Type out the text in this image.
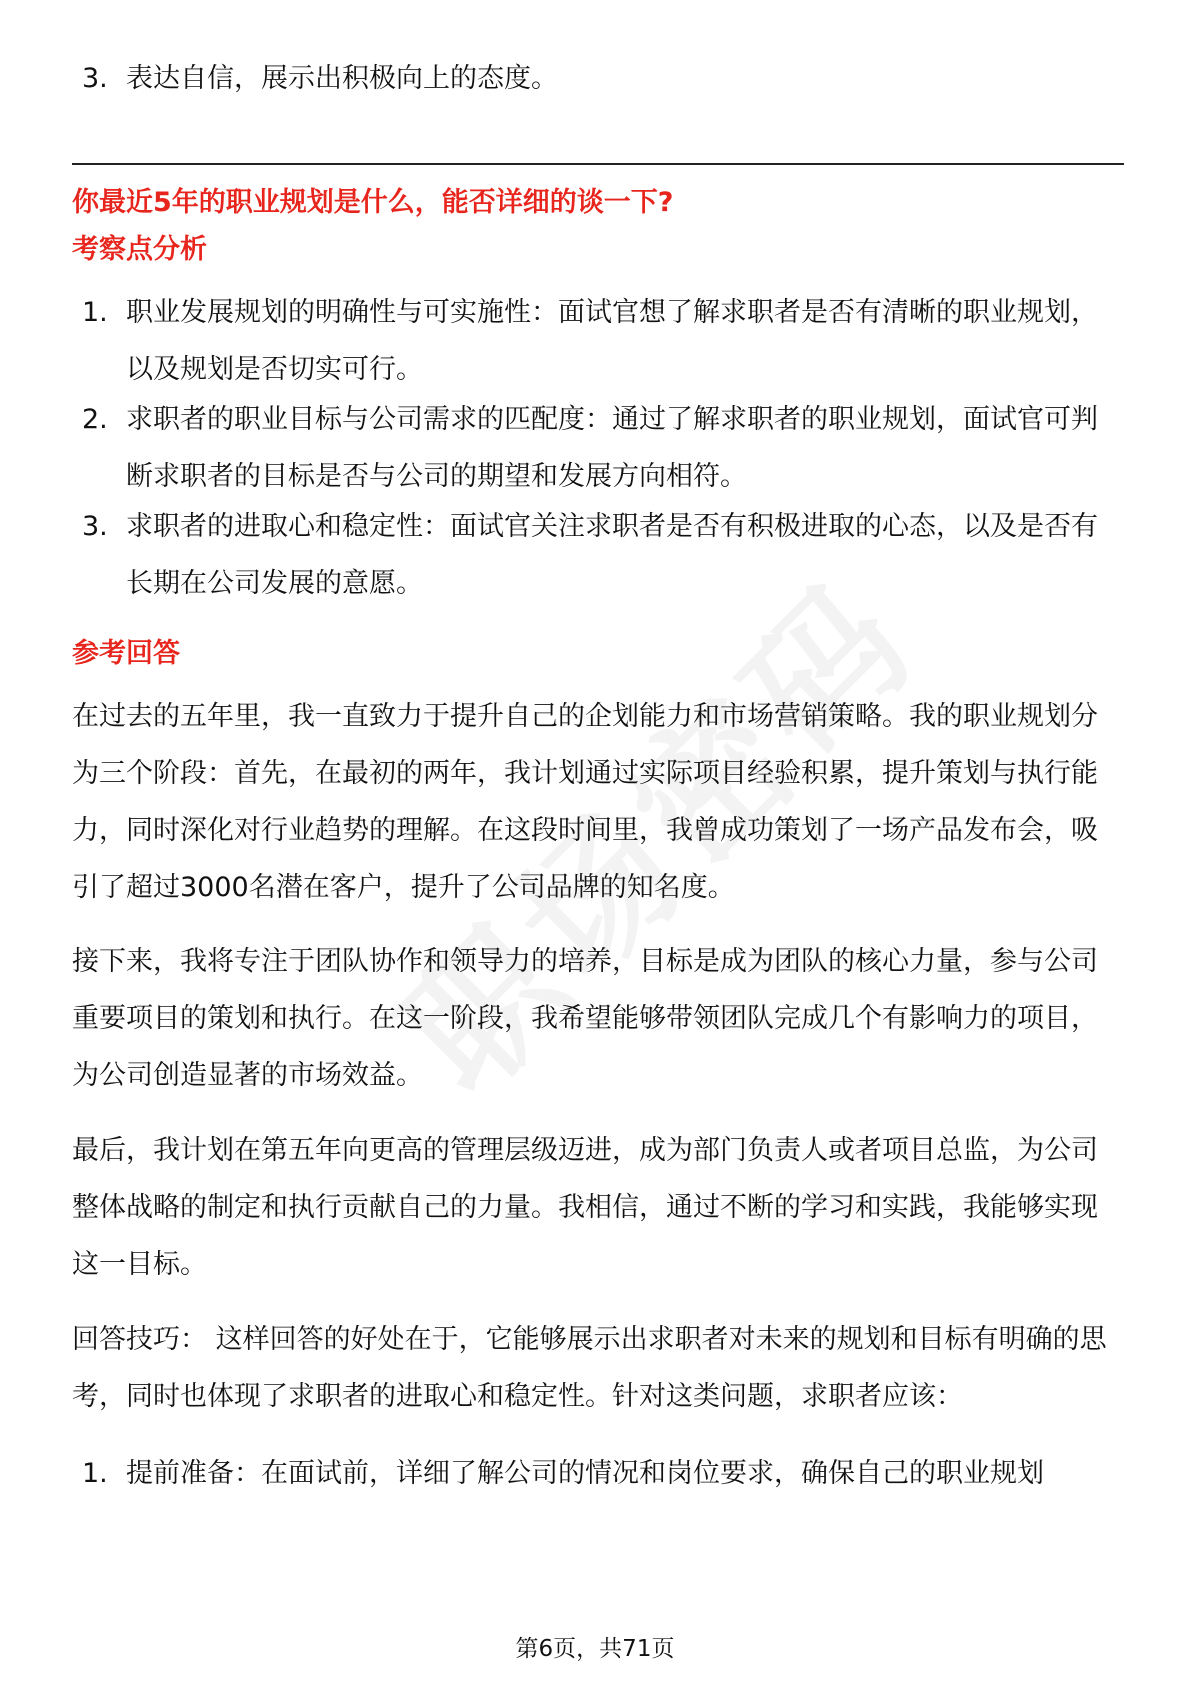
3. 表达自信，展示出积极向上的态度。

你最近5年的职业规划是什么，能否详细的谈一下?

考察点分析

1. 职业发展规划的明确性与可实施性：面试官想了解求职者是否有清晰的职业规划，以及规划是否切实可行。
2. 求职者的职业目标与公司需求的匹配度：通过了解求职者的职业规划，面试官可判断求职者的目标是否与公司的期望和发展方向相符。
3. 求职者的进取心和稳定性：面试官关注求职者是否有积极进取的心态，以及是否有长期在公司发展的意愿。

参考回答

在过去的五年里，我一直致力于提升自己的企划能力和市场营销策略。我的职业规划分为三个阶段：首先，在最初的两年，我计划通过实际项目经验积累，提升策划与执行能力，同时深化对行业趋势的理解。在这段时间里，我曾成功策划了一场产品发布会，吸引了超过3000名潜在客户，提升了公司品牌的知名度。

接下来，我将专注于团队协作和领导力的培养，目标是成为团队的核心力量，参与公司重要项目的策划和执行。在这一阶段，我希望能够带领团队完成几个有影响力的项目，为公司创造显著的市场效益。

最后，我计划在第五年向更高的管理层级迈进，成为部门负责人或者项目总监，为公司整体战略的制定和执行贡献自己的力量。我相信，通过不断的学习和实践，我能够实现这一目标。

回答技巧： 这样回答的好处在于，它能够展示出求职者对未来的规划和目标有明确的思考，同时也体现了求职者的进取心和稳定性。针对这类问题，求职者应该：

1. 提前准备：在面试前，详细了解公司的情况和岗位要求，确保自己的职业规划
第6页，共71页
